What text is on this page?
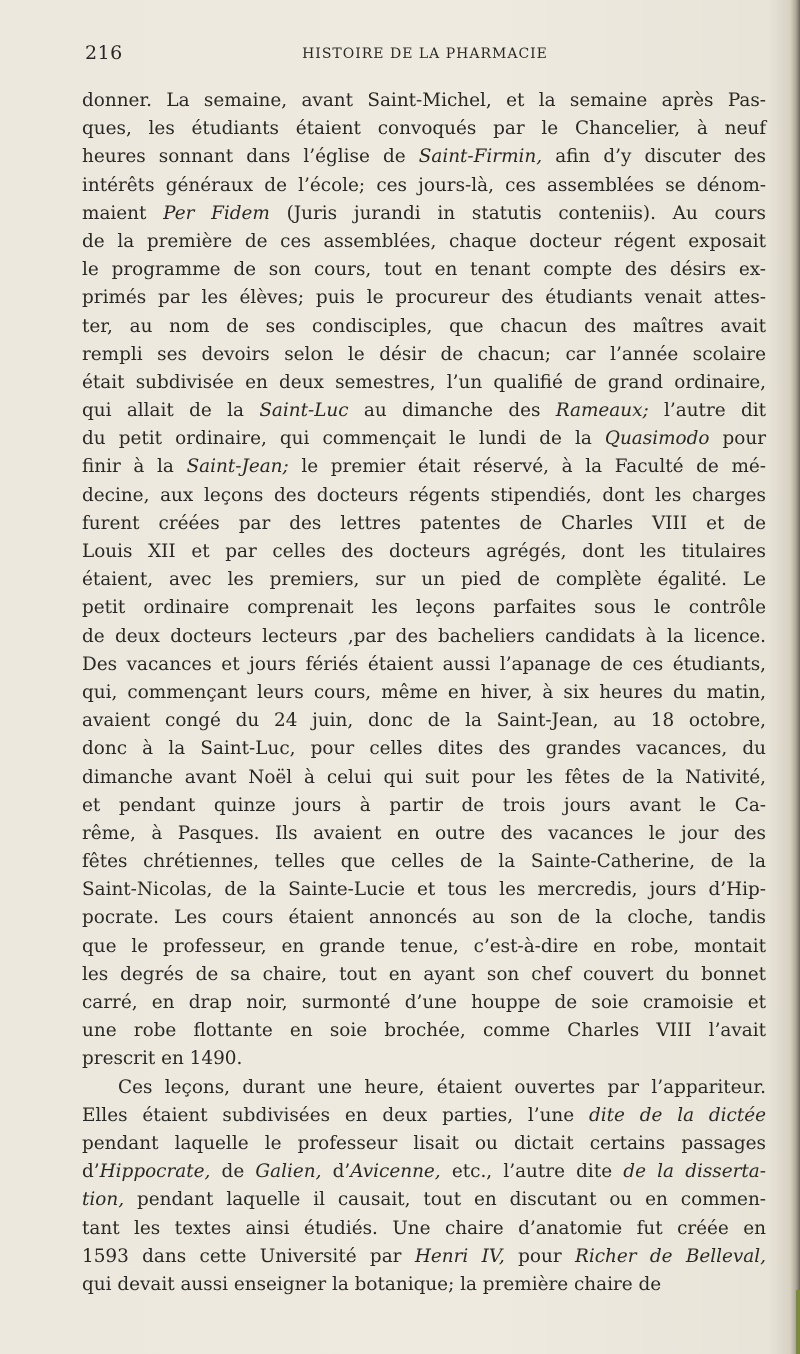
216	HISTOIRE DE LA PHARMACIE
donner. La semaine, avant Saint-Michel, et la semaine après Pas-
ques, les étudiants étaient convoqués par le Chancelier, à neuf
heures sonnant dans l’église de Saint-Firmin, afin d’y discuter des
intérêts généraux de l’école; ces jours-là, ces assemblées se dénom-
maient Per Fidem (Juris jurandi in statutis conteniis). Au cours
de la première de ces assemblées, chaque docteur régent exposait
le programme de son cours, tout en tenant compte des désirs ex-
primés par les élèves; puis le procureur des étudiants venait attes-
ter, au nom de ses condisciples, que chacun des maîtres avait
rempli ses devoirs selon le désir de chacun; car l’année scolaire
était subdivisée en deux semestres, l’un qualifié de grand ordinaire,
qui allait de la Saint-Luc au dimanche des Rameaux; l’autre dit
du petit ordinaire, qui commençait le lundi de la Quasimodo pour
finir à la Saint-Jean; le premier était réservé, à la Faculté de mé-
decine, aux leçons des docteurs régents stipendiés, dont les charges
furent créées par des lettres patentes de Charles VIII et de
Louis XII et par celles des docteurs agrégés, dont les titulaires
étaient, avec les premiers, sur un pied de complète égalité. Le
petit ordinaire comprenait les leçons parfaites sous le contrôle
de deux docteurs lecteurs ,par des bacheliers candidats à la licence.
Des vacances et jours fériés étaient aussi l’apanage de ces étudiants,
qui, commençant leurs cours, même en hiver, à six heures du matin,
avaient congé du 24 juin, donc de la Saint-Jean, au 18 octobre,
donc à la Saint-Luc, pour celles dites des grandes vacances, du
dimanche avant Noël à celui qui suit pour les fêtes de la Nativité,
et pendant quinze jours à partir de trois jours avant le Ca-
rême, à Pasques. Ils avaient en outre des vacances le jour des
fêtes chrétiennes, telles que celles de la Sainte-Catherine, de la
Saint-Nicolas, de la Sainte-Lucie et tous les mercredis, jours d’Hip-
pocrate. Les cours étaient annoncés au son de la cloche, tandis
que le professeur, en grande tenue, c’est-à-dire en robe, montait
les degrés de sa chaire, tout en ayant son chef couvert du bonnet
carré, en drap noir, surmonté d’une houppe de soie cramoisie et
une robe flottante en soie brochée, comme Charles VIII l’avait
prescrit en 1490.
Ces leçons, durant une heure, étaient ouvertes par l’appariteur.
Elles étaient subdivisées en deux parties, l’une dite de la dictée
pendant laquelle le professeur lisait ou dictait certains passages
d’Hippocrate, de Galien, d’Avicenne, etc., l’autre dite de la disserta-
tion, pendant laquelle il causait, tout en discutant ou en commen-
tant les textes ainsi étudiés. Une chaire d’anatomie fut créée en
1593 dans cette Université par Henri IV, pour Richer de Belleval,
qui devait aussi enseigner la botanique; la première chaire de
